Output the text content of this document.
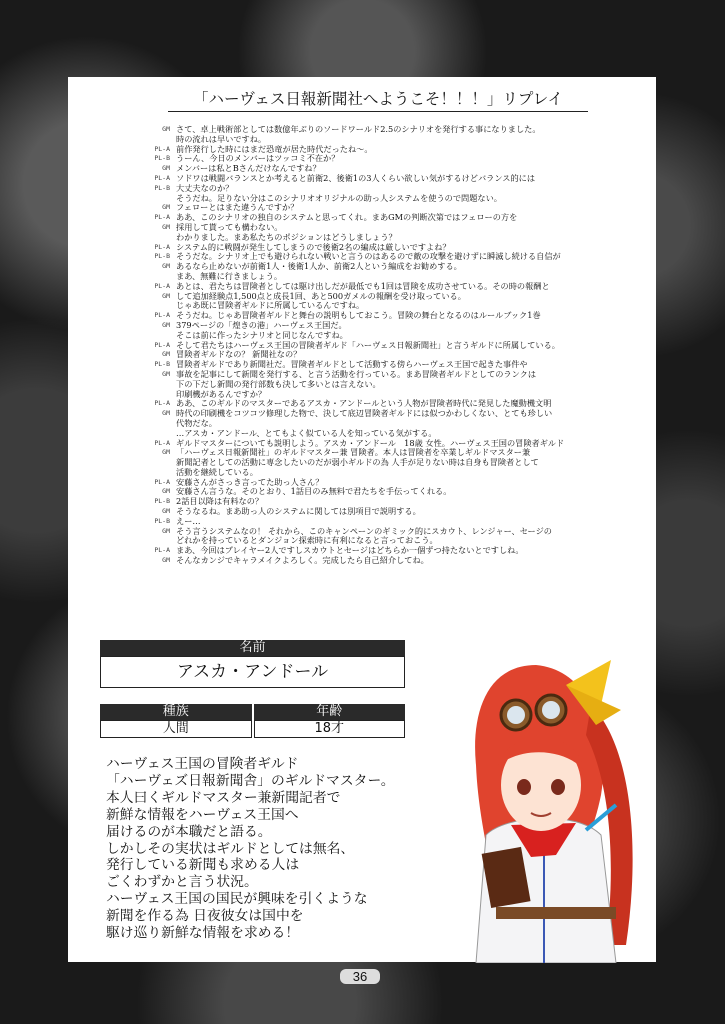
「ハーヴェス日報新聞社へようこそ！！！」リプレイ
GM さて、卓上戦術部としては数億年ぶりのソードワールド2.5のシナリオを発行する事になりました。
時の流れは早いですね。
PL-A 前作発行した時にはまだ恐竜が居た時代だったね～。
PL-B うーん、今日のメンバーはツッコミ不在か？
GM メンバーは私とBさんだけなんですね？
PL-A ソドワは戦闘バランスとか考えると前衛2、後衛1の3人くらい欲しい気がするけどバランス的には
PL-B 大丈夫なのか？
そうだね。足りない分はこのシナリオオリジナルの助っ人システムを使うので問題ない。
GM フェローとはまた違うんですか？
PL-A ああ、このシナリオの独自のシステムと思ってくれ。まあGMの判断次第ではフェローの方を
GM 採用して貰っても構わない。
わかりました。まあ私たちのポジションはどうしましょう？
PL-A システム的に戦闘が発生してしまうので後衛2名の編成は厳しいですよね？
PL-B そうだな。シナリオ上でも避けられない戦いと言うのはあるので敵の攻撃を避けずに瞬滅し続ける自信が
GM あるなら止めないが前衛1人・後衛1人か、前衛2人という編成をお勧めする。
まあ、無難に行きましょう。
PL-A あとは、君たちは冒険者としては駆け出しだが最低でも1回は冒険を成功させている。その時の報酬と
GM して追加経験点1,500点と成長1回、あと500ガメルの報酬を受け取っている。
じゃあ既に冒険者ギルドに所属しているんですね。
PL-A そうだね。じゃあ冒険者ギルドと舞台の説明もしておこう。冒険の舞台となるのはルールブック1巻
GM 379ページの「煌きの港」ハーヴェス王国だ。
そこは前に作ったシナリオと同じなんですね。
PL-A そして君たちはハーヴェス王国の冒険者ギルド「ハーヴェス日報新聞社」と言うギルドに所属している。
GM 冒険者ギルドなの？ 新聞社なの？
PL-B 冒険者ギルドであり新聞社だ。冒険者ギルドとして活動する傍らハーヴェス王国で起きた事件や
GM 事故を記事にして新聞を発行する、と言う活動を行っている。まあ冒険者ギルドとしてのランクは
下の下だし新聞の発行部数も決して多いとは言えない。
印刷機があるんですか？
PL-A ああ、このギルドのマスターであるアスカ・アンドールという人物が冒険者時代に発見した魔動機文明
GM 時代の印刷機をコツコツ修理した物で、決して底辺冒険者ギルドには似つかわしくない、とても珍しい
代物だな。
…アスカ・アンドール、とてもよく似ている人を知っている気がする。
PL-A ギルドマスターについても説明しよう。アスカ・アンドール　18歳 女性。ハーヴェス王国の冒険者ギルド
GM 「ハーヴェス日報新聞社」のギルドマスター兼 冒険者。本人は冒険者を卒業しギルドマスター兼
新聞記者としての活動に専念したいのだが弱小ギルドの為 人手が足りない時は自身も冒険者として
活動を継続している。
PL-A 安藤さんがさっき言ってた助っ人さん？
GM 安藤さん言うな。そのとおり、1話目のみ無料で君たちを手伝ってくれる。
PL-B 2話目以降は有料なの？
GM そうなるね。まあ助っ人のシステムに関しては別項目で説明する。
PL-B えー…
GM そう言うシステムなの！ それから、このキャンペーンのギミック的にスカウト、レンジャー、セージの
どれかを持っているとダンジョン探索時に有利になると言っておこう。
PL-A まあ、今回はプレイヤー2人ですしスカウトとセージはどちらか一個ずつ持たないとですしね。
GM そんなカンジでキャラメイクよろしく。完成したら自己紹介してね。
名前
アスカ・アンドール
種族
人間
年齢
18才
ハーヴェス王国の冒険者ギルド
「ハーヴェズ日報新聞舎」のギルドマスター。
本人曰くギルドマスター兼新聞記者で
新鮮な情報をハーヴェス王国へ
届けるのが本職だと語る。
しかしその実状はギルドとしては無名、
発行している新聞も求める人は
ごくわずかと言う状況。
ハーヴェス王国の国民が興味を引くような
新聞を作る為 日夜彼女は国中を
駆け巡り新鮮な情報を求める！
36
